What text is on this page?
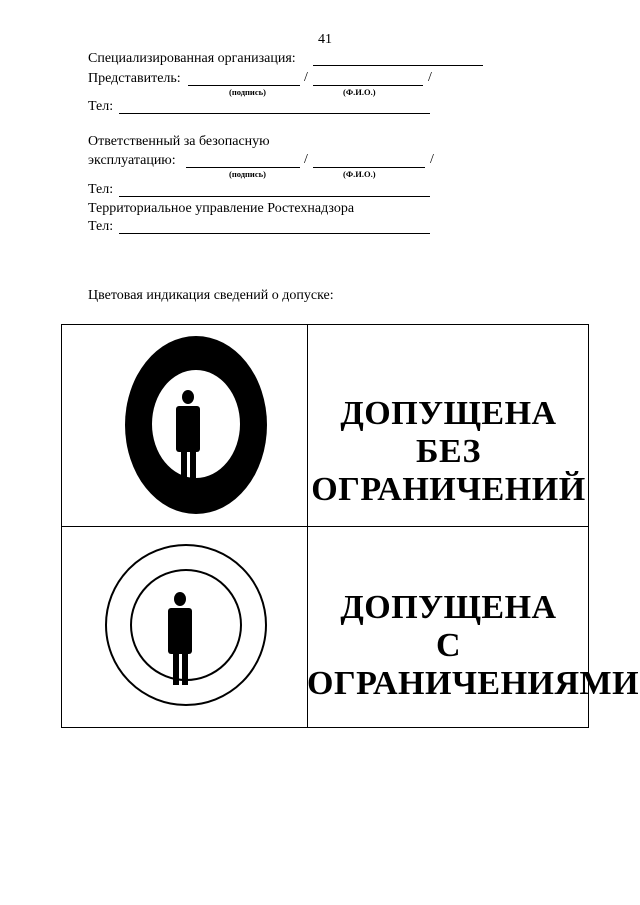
41
Специализированная организация:
Представитель:	/	/
(подпись)	(Ф.И.О.)
Тел:
Ответственный за безопасную
эксплуатацию:	/	/
(подпись)	(Ф.И.О.)
Тел:
Территориальное управление Ростехнадзора
Тел:
Цветовая индикация сведений о допуске:
ДОПУЩЕНА БЕЗ
ОГРАНИЧЕНИЙ
ДОПУЩЕНА
С
ОГРАНИЧЕНИЯМИ
